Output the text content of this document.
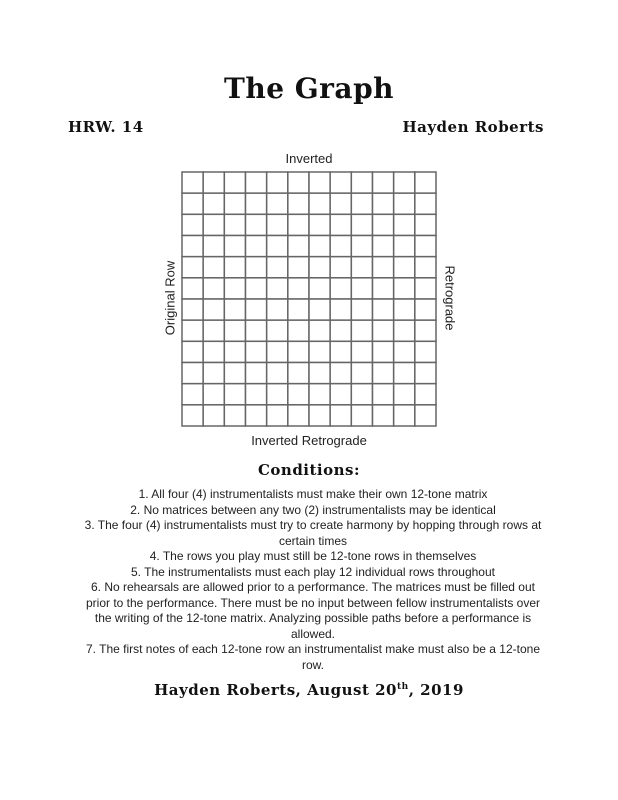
The Graph
HRW. 14	Hayden Roberts
Inverted
Inverted Retrograde
Original Row	Retrograde
Conditions:
1. All four (4) instrumentalists must make their own 12-tone matrix
2. No matrices between any two (2) instrumentalists may be identical
3. The four (4) instrumentalists must try to create harmony by hopping through rows at certain times
4. The rows you play must still be 12-tone rows in themselves
5. The instrumentalists must each play 12 individual rows throughout
6. No rehearsals are allowed prior to a performance. The matrices must be filled out prior to the performance. There must be no input between fellow instrumentalists over the writing of the 12-tone matrix. Analyzing possible paths before a performance is allowed.
7. The first notes of each 12-tone row an instrumentalist make must also be a 12-tone row.
Hayden Roberts, August 20th, 2019
